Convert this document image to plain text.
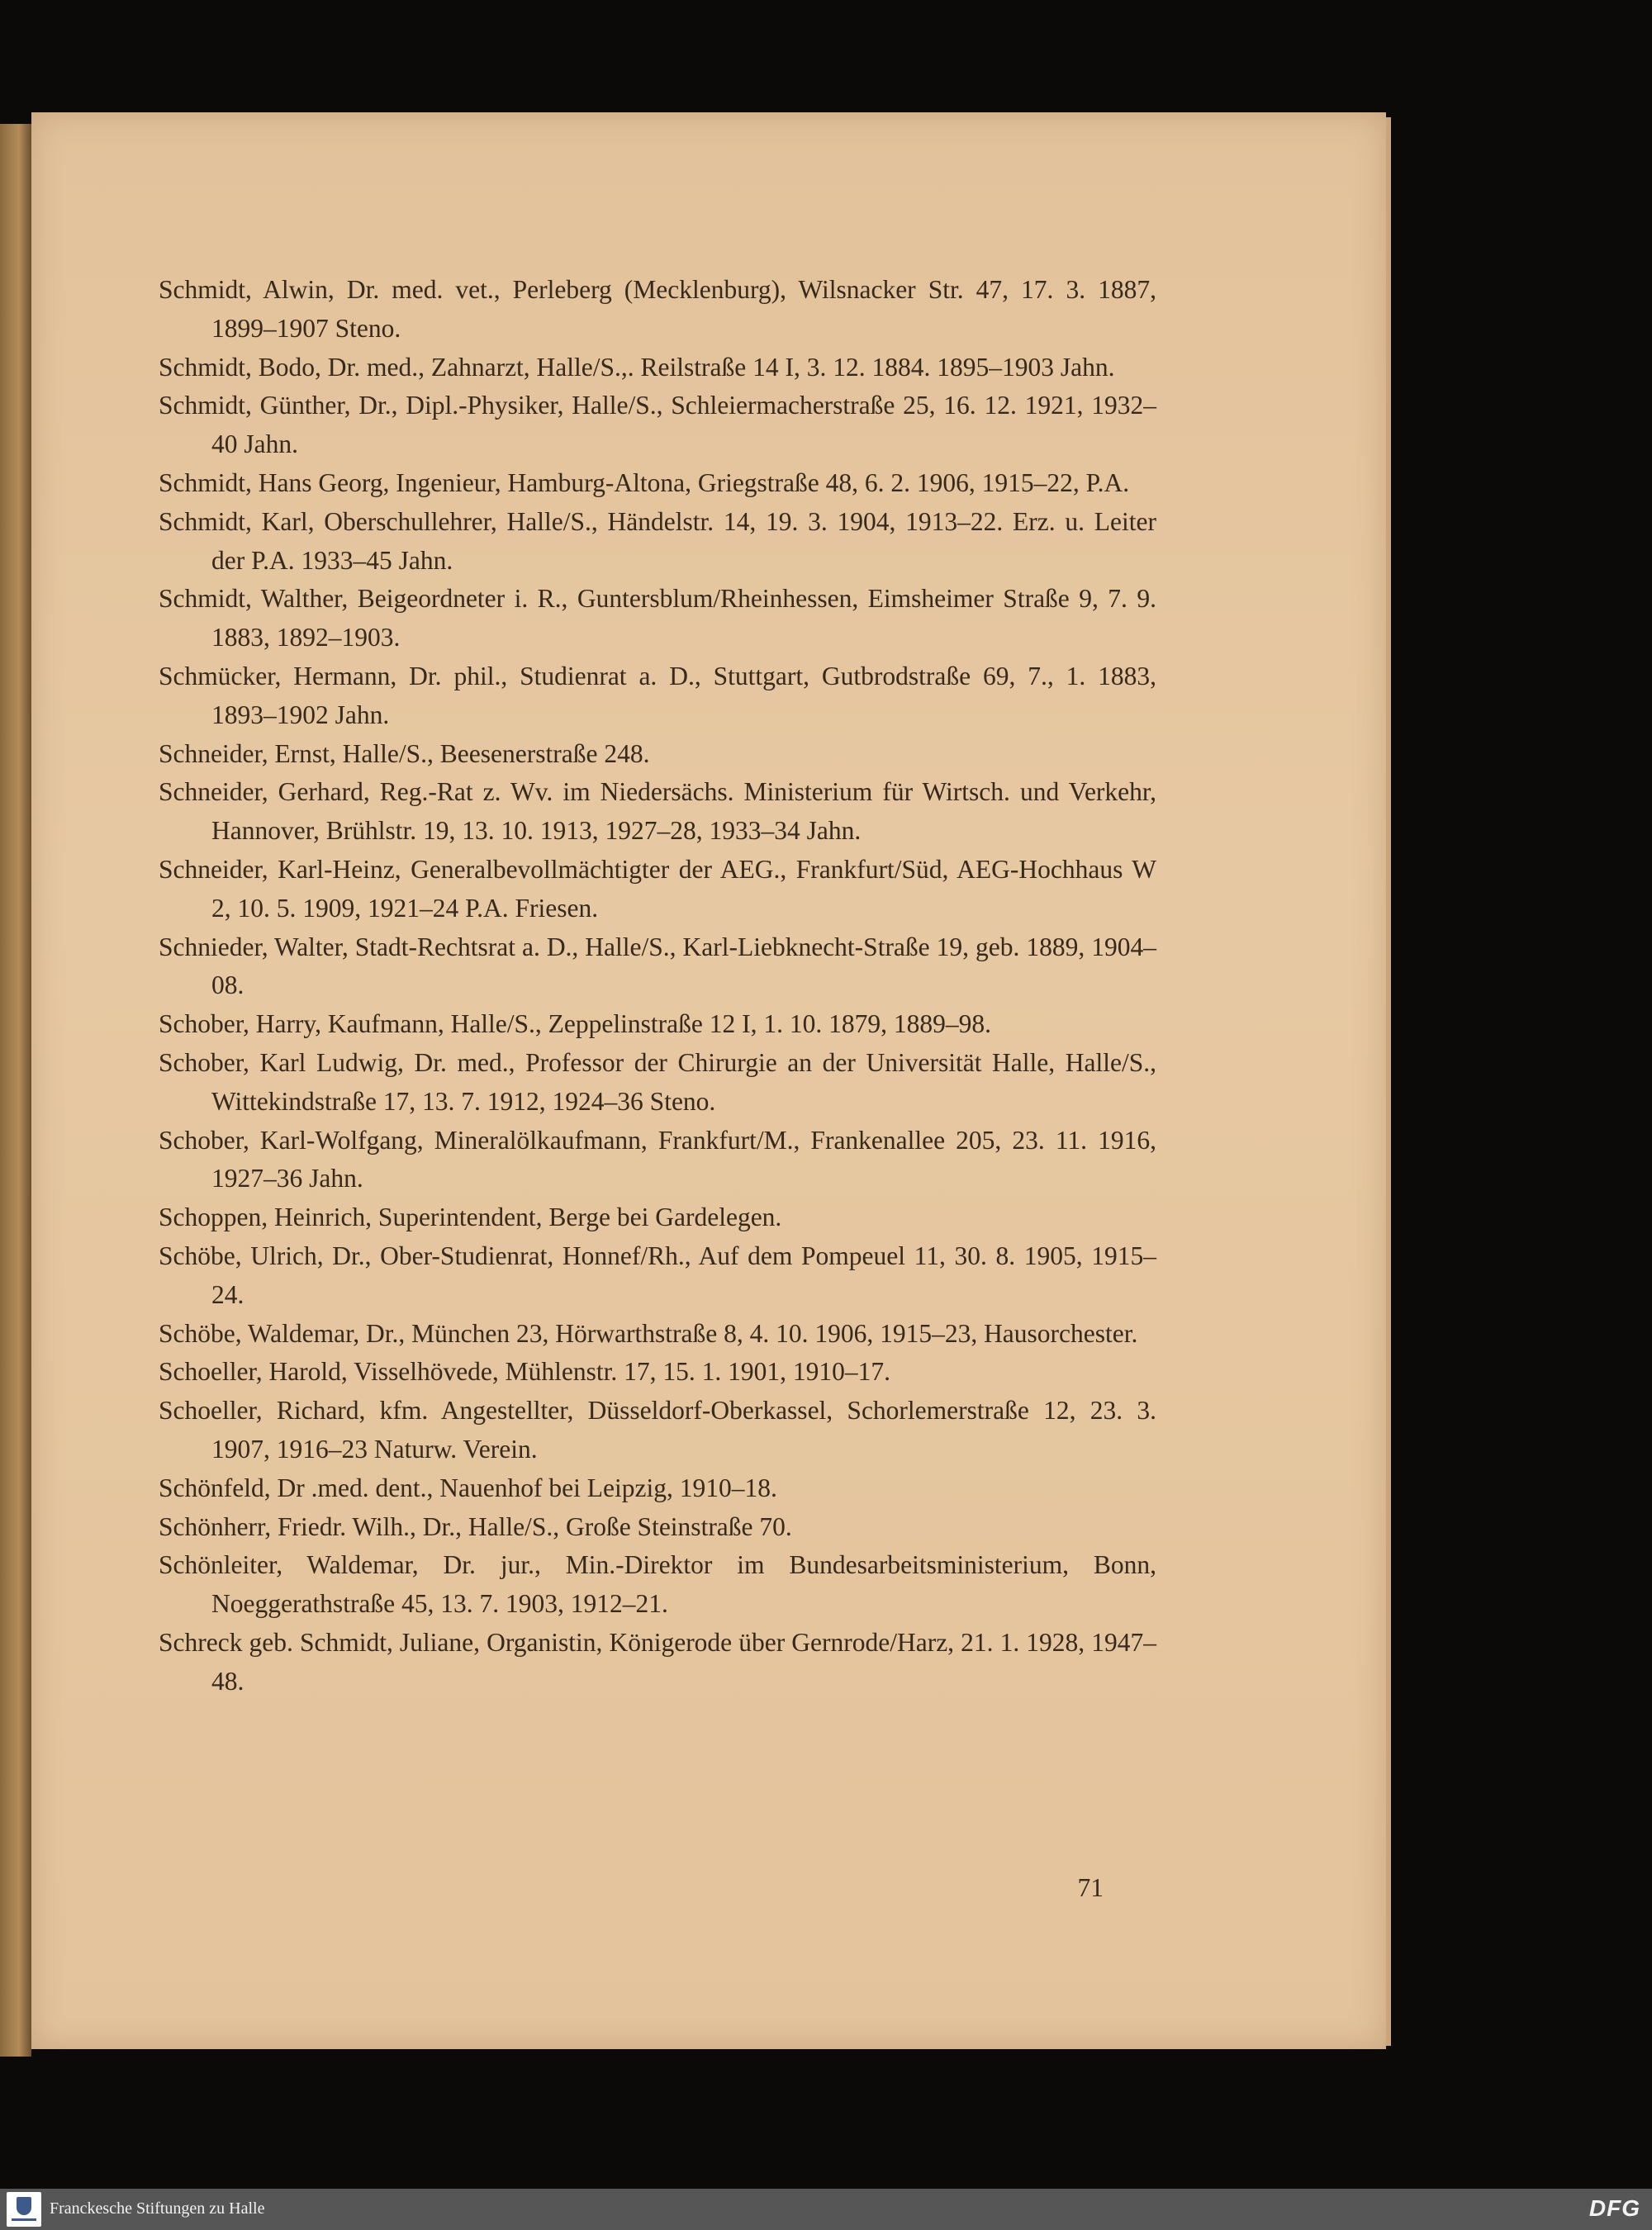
Schmidt, Alwin, Dr. med. vet., Perleberg (Mecklenburg), Wilsnacker Str. 47, 17. 3. 1887, 1899–1907 Steno.
Schmidt, Bodo, Dr. med., Zahnarzt, Halle/S.,. Reilstraße 14 I, 3. 12. 1884. 1895–1903 Jahn.
Schmidt, Günther, Dr., Dipl.-Physiker, Halle/S., Schleiermacherstraße 25, 16. 12. 1921, 1932–40 Jahn.
Schmidt, Hans Georg, Ingenieur, Hamburg-Altona, Griegstraße 48, 6. 2. 1906, 1915–22, P.A.
Schmidt, Karl, Oberschullehrer, Halle/S., Händelstr. 14, 19. 3. 1904, 1913–22. Erz. u. Leiter der P.A. 1933–45 Jahn.
Schmidt, Walther, Beigeordneter i. R., Guntersblum/Rheinhessen, Eimsheimer Straße 9, 7. 9. 1883, 1892–1903.
Schmücker, Hermann, Dr. phil., Studienrat a. D., Stuttgart, Gutbrodstraße 69, 7., 1. 1883, 1893–1902 Jahn.
Schneider, Ernst, Halle/S., Beesenerstraße 248.
Schneider, Gerhard, Reg.-Rat z. Wv. im Niedersächs. Ministerium für Wirtsch. und Verkehr, Hannover, Brühlstr. 19, 13. 10. 1913, 1927–28, 1933–34 Jahn.
Schneider, Karl-Heinz, Generalbevollmächtigter der AEG., Frankfurt/Süd, AEG-Hochhaus W 2, 10. 5. 1909, 1921–24 P.A. Friesen.
Schnieder, Walter, Stadt-Rechtsrat a. D., Halle/S., Karl-Liebknecht-Straße 19, geb. 1889, 1904–08.
Schober, Harry, Kaufmann, Halle/S., Zeppelinstraße 12 I, 1. 10. 1879, 1889–98.
Schober, Karl Ludwig, Dr. med., Professor der Chirurgie an der Universität Halle, Halle/S., Wittekindstraße 17, 13. 7. 1912, 1924–36 Steno.
Schober, Karl-Wolfgang, Mineralölkaufmann, Frankfurt/M., Frankenallee 205, 23. 11. 1916, 1927–36 Jahn.
Schoppen, Heinrich, Superintendent, Berge bei Gardelegen.
Schöbe, Ulrich, Dr., Ober-Studienrat, Honnef/Rh., Auf dem Pompeuel 11, 30. 8. 1905, 1915–24.
Schöbe, Waldemar, Dr., München 23, Hörwarthstraße 8, 4. 10. 1906, 1915–23, Hausorchester.
Schoeller, Harold, Visselhövede, Mühlenstr. 17, 15. 1. 1901, 1910–17.
Schoeller, Richard, kfm. Angestellter, Düsseldorf-Oberkassel, Schorlemerstraße 12, 23. 3. 1907, 1916–23 Naturw. Verein.
Schönfeld, Dr .med. dent., Nauenhof bei Leipzig, 1910–18.
Schönherr, Friedr. Wilh., Dr., Halle/S., Große Steinstraße 70.
Schönleiter, Waldemar, Dr. jur., Min.-Direktor im Bundesarbeitsministerium, Bonn, Noeggerathstraße 45, 13. 7. 1903, 1912–21.
Schreck geb. Schmidt, Juliane, Organistin, Königerode über Gernrode/Harz, 21. 1. 1928, 1947–48.
71
Franckesche Stiftungen zu Halle	DFG
